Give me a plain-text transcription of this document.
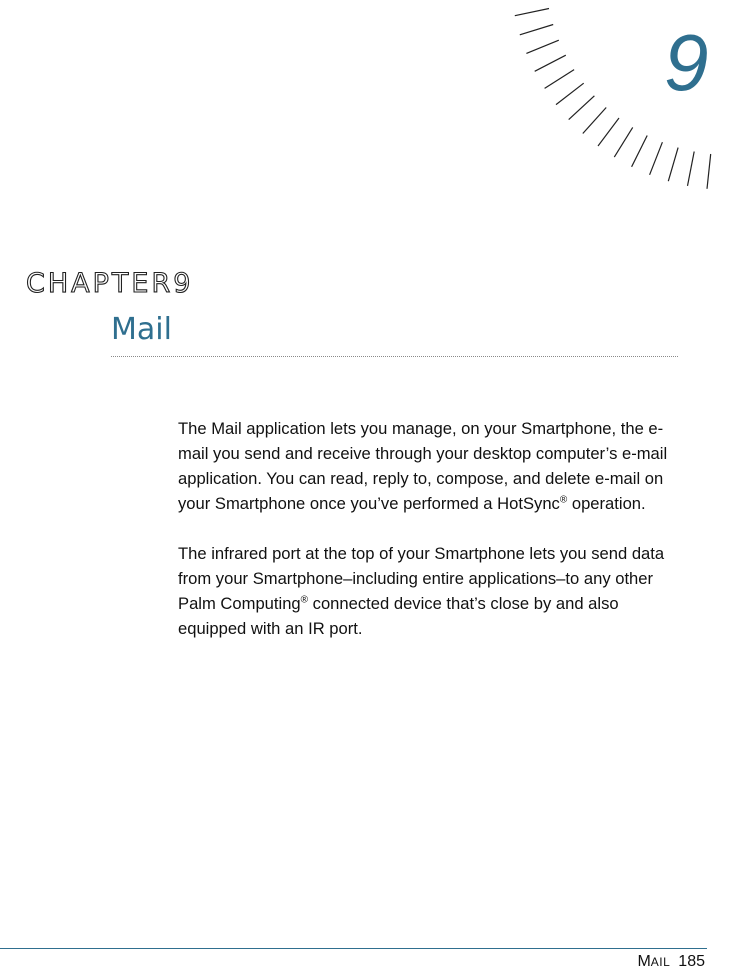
9
CHAPTER9
Mail

The Mail application lets you manage, on your Smartphone, the e-mail you send and receive through your desktop computer’s e-mail application. You can read, reply to, compose, and delete e-mail on your Smartphone once you’ve performed a HotSync® operation.

The infrared port at the top of your Smartphone lets you send data from your Smartphone–including entire applications–to any other Palm Computing® connected device that’s close by and also equipped with an IR port.

MAIL 185
